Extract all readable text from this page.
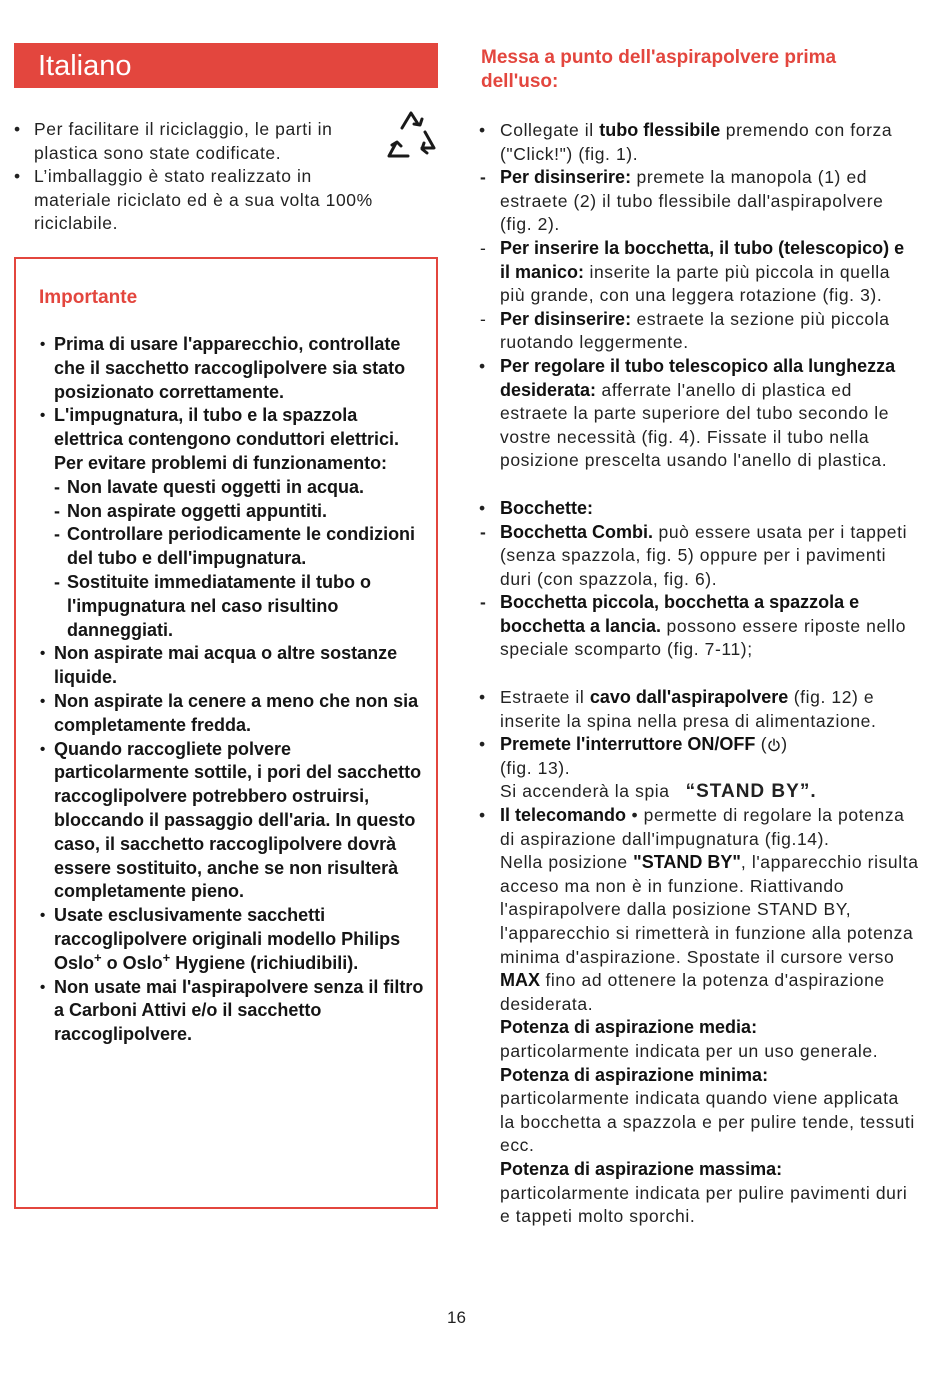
Italiano
• Per facilitare il riciclaggio, le parti in plastica sono state codificate.
• L’imballaggio è stato realizzato in materiale riciclato ed è a sua volta 100% riciclabile.
Importante
• Prima di usare l'apparecchio, controllate che il sacchetto raccoglipolvere sia stato posizionato correttamente.
• L'impugnatura, il tubo e la spazzola elettrica contengono conduttori elettrici.
Per evitare problemi di funzionamento:
- Non lavate questi oggetti in acqua.
- Non aspirate oggetti appuntiti.
- Controllare periodicamente le condizioni del tubo e dell'impugnatura.
- Sostituite immediatamente il tubo o l'impugnatura nel caso risultino danneggiati.
• Non aspirate mai acqua o altre sostanze liquide.
• Non aspirate la cenere a meno che non sia completamente fredda.
• Quando raccogliete polvere particolarmente sottile, i pori del sacchetto raccoglipolvere potrebbero ostruirsi, bloccando il passaggio dell'aria. In questo caso, il sacchetto raccoglipolvere dovrà essere sostituito, anche se non risulterà completamente pieno.
• Usate esclusivamente sacchetti raccoglipolvere originali modello Philips Oslo+ o Oslo+ Hygiene (richiudibili).
• Non usate mai l'aspirapolvere senza il filtro a Carboni Attivi e/o il sacchetto raccoglipolvere.
Messa a punto dell'aspirapolvere prima dell'uso:
• Collegate il tubo flessibile premendo con forza ("Click!") (fig. 1).
- Per disinserire: premete la manopola (1) ed estraete (2) il tubo flessibile dall'aspirapolvere (fig. 2).
- Per inserire la bocchetta, il tubo (telescopico) e il manico: inserite la parte più piccola in quella più grande, con una leggera rotazione (fig. 3).
- Per disinserire: estraete la sezione più piccola ruotando leggermente.
• Per regolare il tubo telescopico alla lunghezza desiderata: afferrate l'anello di plastica ed estraete la parte superiore del tubo secondo le vostre necessità (fig. 4). Fissate il tubo nella posizione prescelta usando l'anello di plastica.
• Bocchette:
- Bocchetta Combi. può essere usata per i tappeti (senza spazzola, fig. 5) oppure per i pavimenti duri (con spazzola, fig. 6).
- Bocchetta piccola, bocchetta a spazzola e bocchetta a lancia. possono essere riposte nello speciale scomparto (fig. 7-11);
• Estraete il cavo dall'aspirapolvere (fig. 12) e inserite la spina nella presa di alimentazione.
• Premete l'interruttore ON/OFF ( )
(fig. 13).
Si accenderà la spia “STAND BY”.
• Il telecomando • permette di regolare la potenza di aspirazione dall'impugnatura (fig.14).
Nella posizione "STAND BY", l'apparecchio risulta acceso ma non è in funzione. Riattivando l'aspirapolvere dalla posizione STAND BY, l'apparecchio si rimetterà in funzione alla potenza minima d'aspirazione. Spostate il cursore verso MAX fino ad ottenere la potenza d'aspirazione desiderata.
Potenza di aspirazione media:
particolarmente indicata per un uso generale.
Potenza di aspirazione minima:
particolarmente indicata quando viene applicata la bocchetta a spazzola e per pulire tende, tessuti ecc.
Potenza di aspirazione massima:
particolarmente indicata per pulire pavimenti duri e tappeti molto sporchi.
16
